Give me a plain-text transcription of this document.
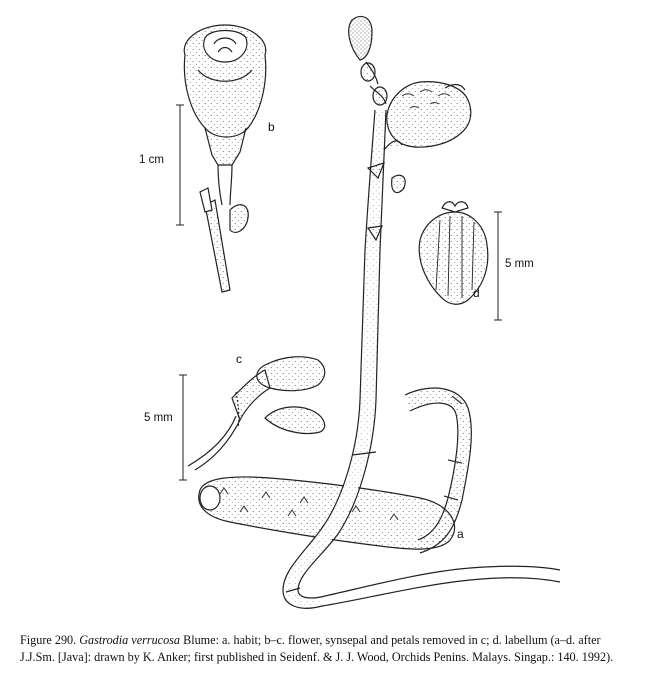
a
b
c
d
1 cm
5 mm
5 mm
Figure 290. Gastrodia verrucosa Blume: a. habit; b–c. flower, synsepal and petals removed in c; d. labellum (a–d. after J.J.Sm. [Java]: drawn by K. Anker; first published in Seidenf. & J. J. Wood, Orchids Penins. Malays. Singap.: 140. 1992).
